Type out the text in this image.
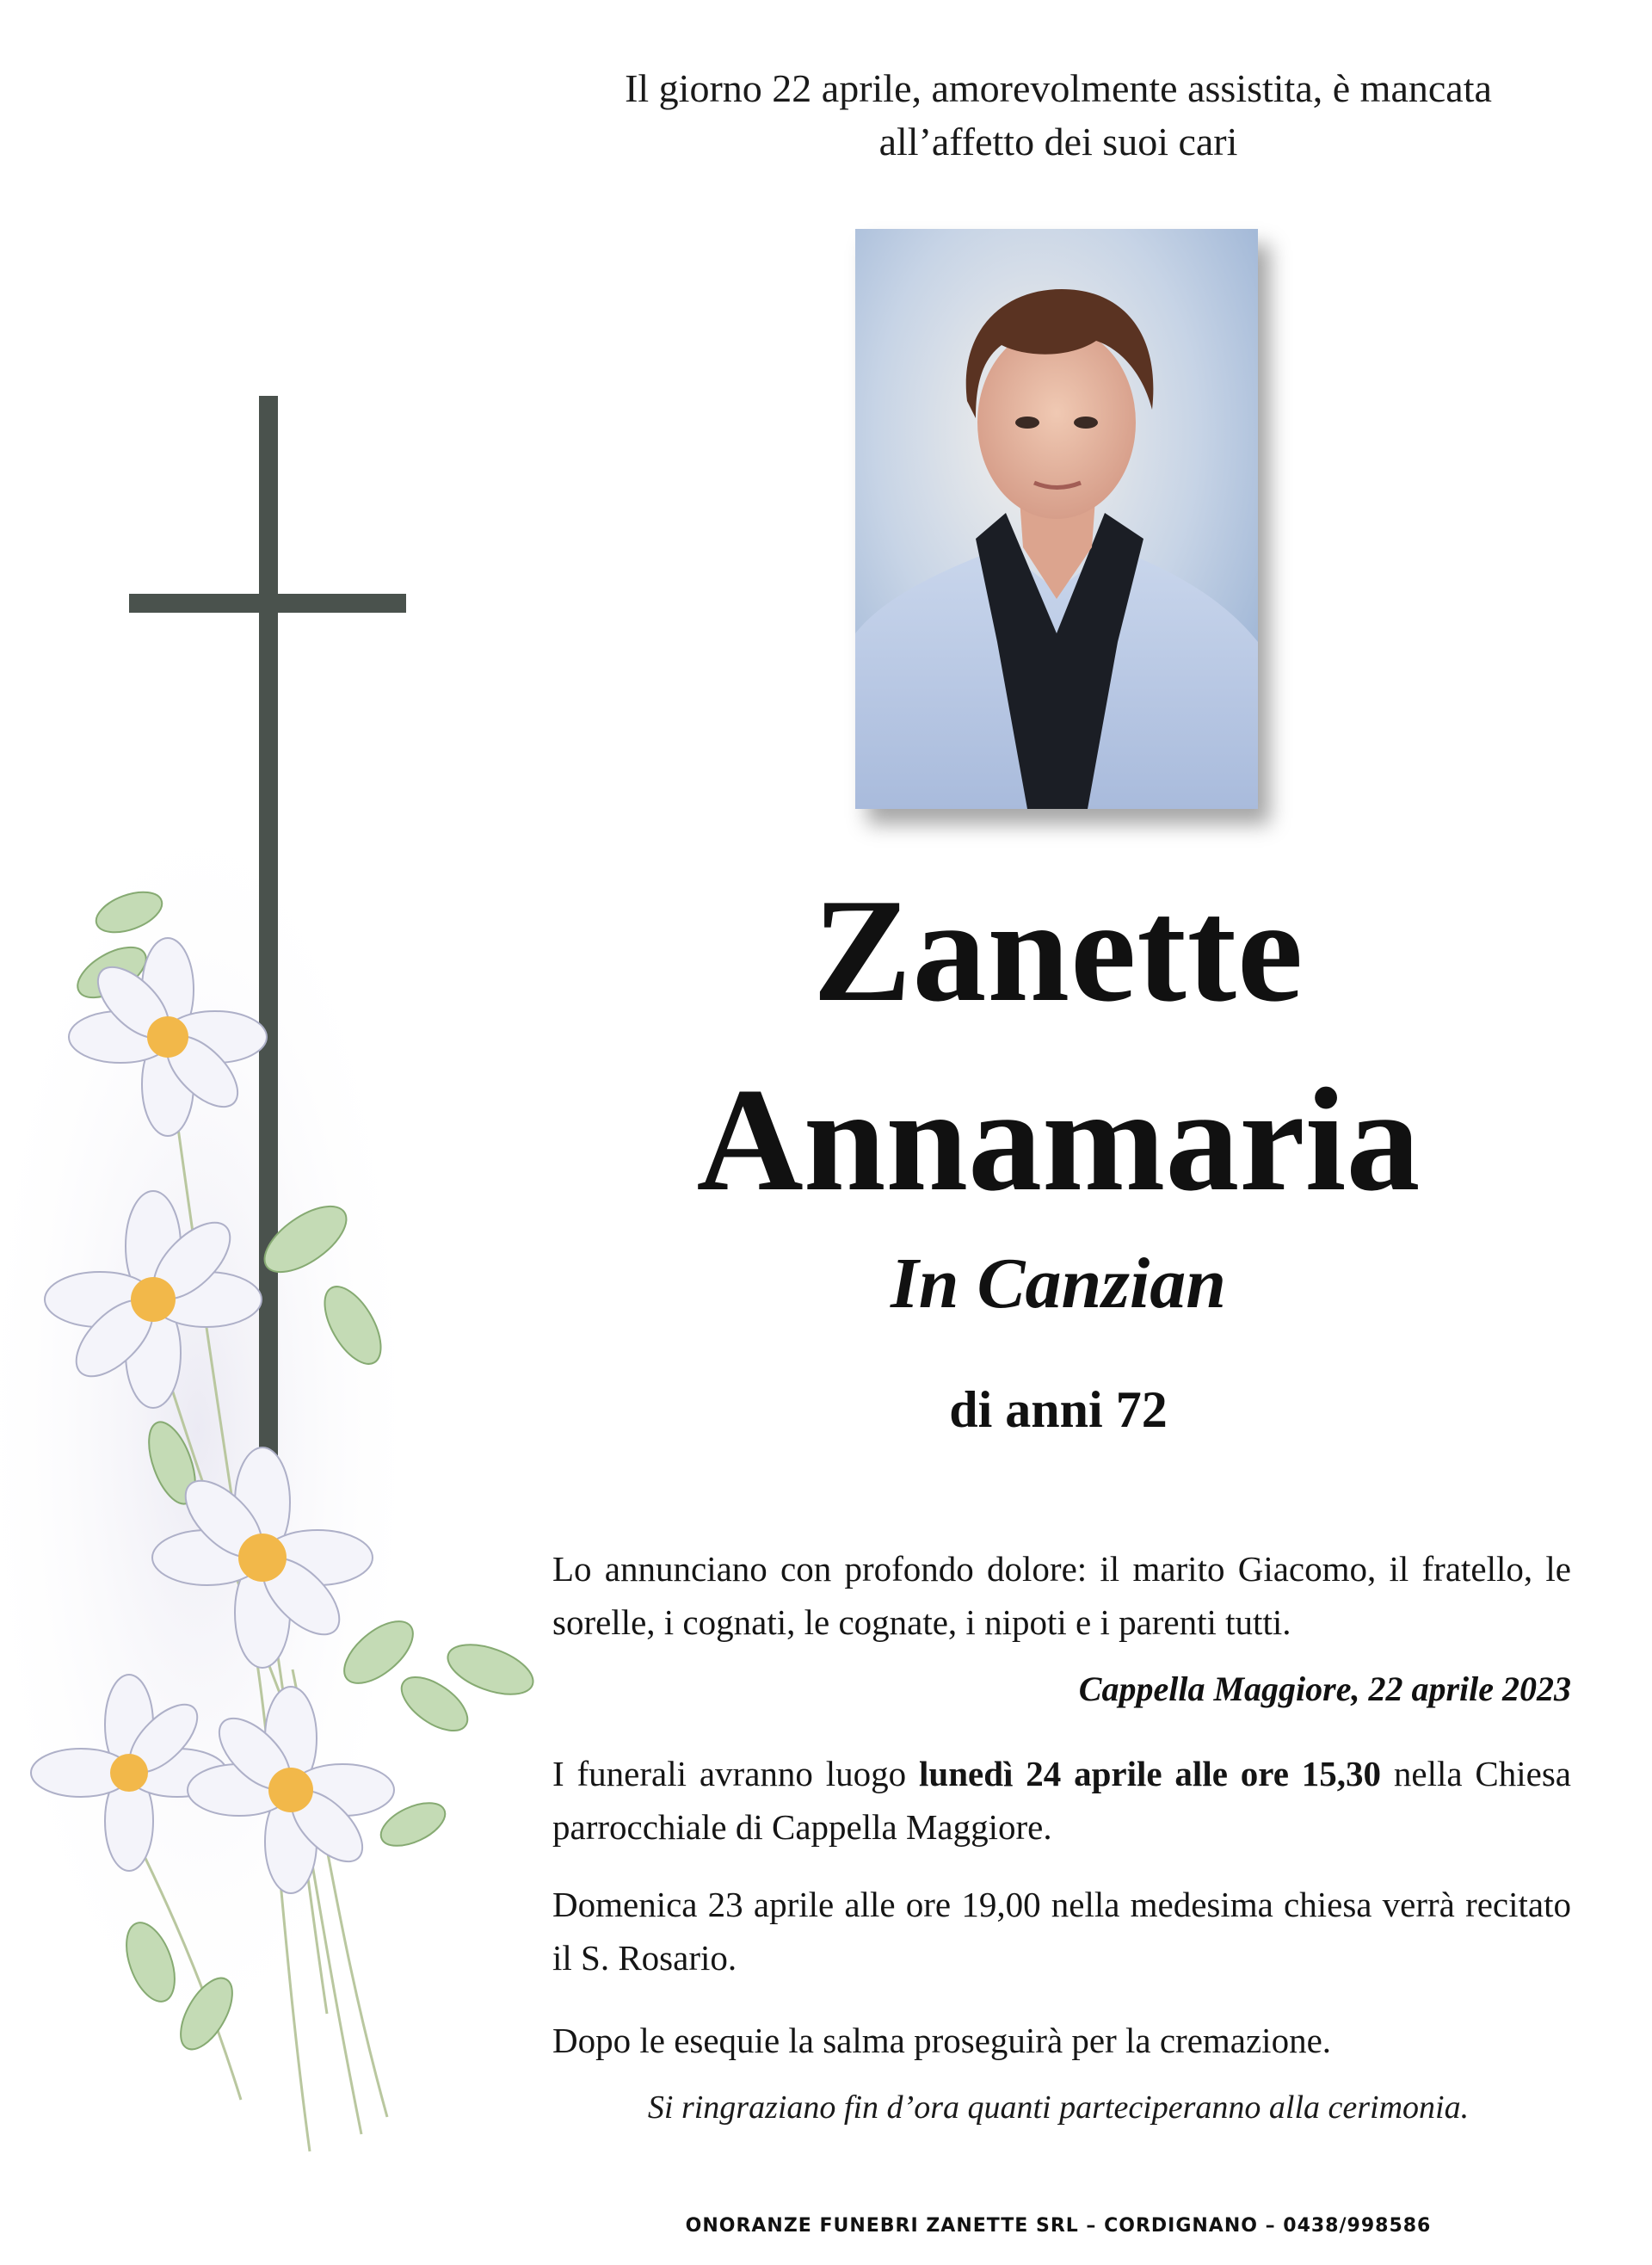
Il giorno 22 aprile, amorevolmente assistita, è mancata
all’affetto dei suoi cari
Zanette
Annamaria
In Canzian
di anni 72
Lo annunciano con profondo dolore: il marito Giacomo, il fratello, le sorelle, i cognati, le cognate, i nipoti e i parenti tutti.
Cappella Maggiore, 22 aprile 2023
I funerali avranno luogo lunedì 24 aprile alle ore 15,30 nella Chiesa parrocchiale di Cappella Maggiore.
Domenica 23 aprile alle ore 19,00 nella medesima chiesa verrà recitato il S. Rosario.
Dopo le esequie la salma proseguirà per la cremazione.
Si ringraziano fin d’ora quanti parteciperanno alla cerimonia.
ONORANZE FUNEBRI ZANETTE SRL – CORDIGNANO – 0438/998586
